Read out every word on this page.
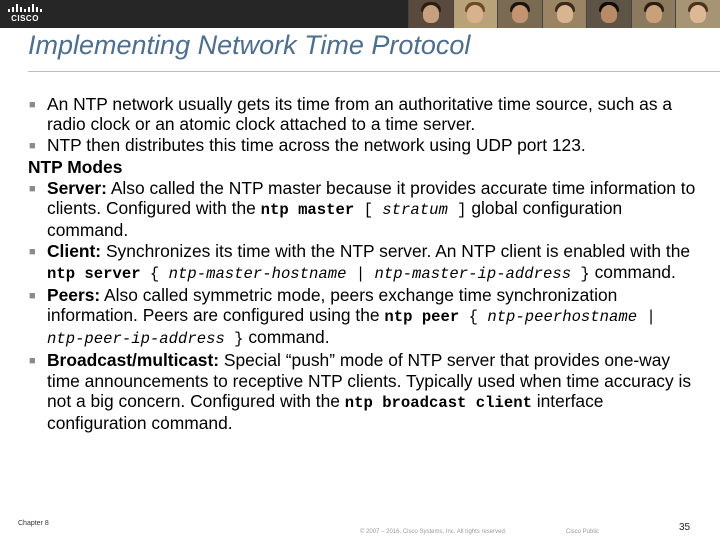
CISCO
Implementing Network Time Protocol
■ An NTP network usually gets its time from an authoritative time source, such as a radio clock or an atomic clock attached to a time server.
■ NTP then distributes this time across the network using UDP port 123.
NTP Modes
■ Server: Also called the NTP master because it provides accurate time information to clients. Configured with the ntp master [ stratum ] global configuration command.
■ Client: Synchronizes its time with the NTP server. An NTP client is enabled with the ntp server { ntp-master-hostname | ntp-master-ip-address } command.
■ Peers: Also called symmetric mode, peers exchange time synchronization information. Peers are configured using the ntp peer { ntp-peerhostname | ntp-peer-ip-address } command.
■ Broadcast/multicast: Special “push” mode of NTP server that provides one-way time announcements to receptive NTP clients. Typically used when time accuracy is not a big concern. Configured with the ntp broadcast client interface configuration command.
Chapter 8
© 2007 – 2016, Cisco Systems, Inc. All rights reserved.	Cisco Public	35
